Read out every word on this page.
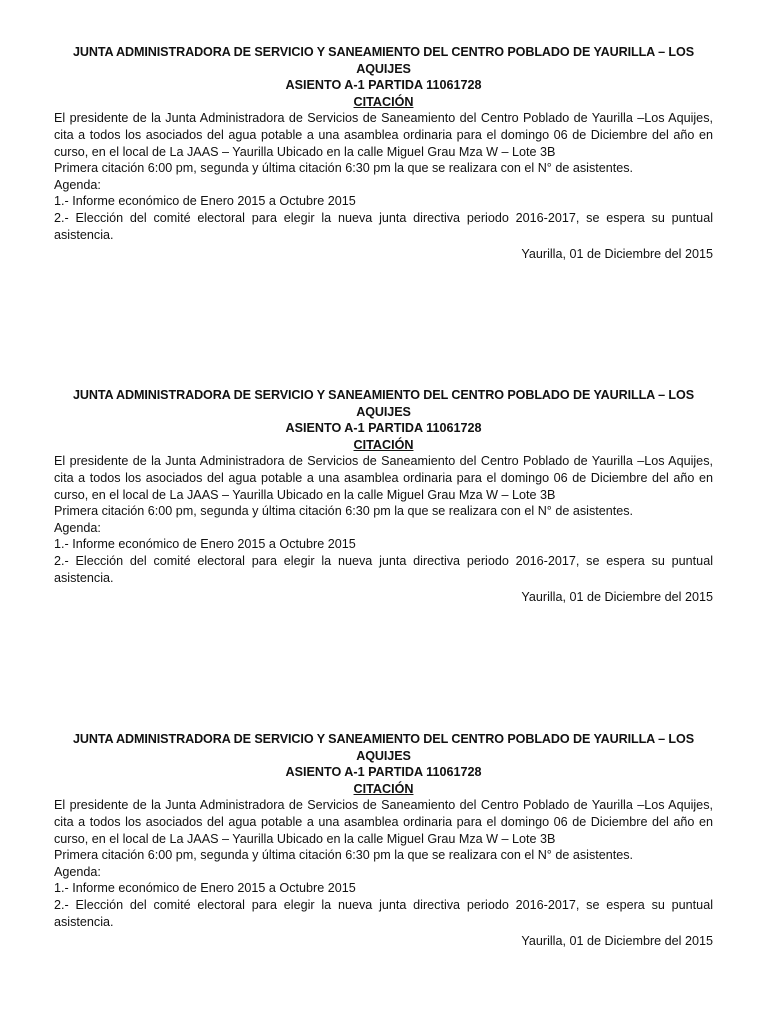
JUNTA ADMINISTRADORA DE SERVICIO Y SANEAMIENTO DEL CENTRO POBLADO DE YAURILLA – LOS AQUIJES

ASIENTO A-1 PARTIDA 11061728

CITACIÓN

El presidente de la Junta Administradora de Servicios de Saneamiento del Centro Poblado de Yaurilla –Los Aquijes, cita a todos los asociados del agua potable a una asamblea ordinaria para el domingo 06 de Diciembre del año en curso, en el local de La JAAS – Yaurilla Ubicado en la calle Miguel Grau Mza W – Lote 3B

Primera citación 6:00 pm, segunda y última citación 6:30 pm la que se realizara con el N° de asistentes.

Agenda:

1.- Informe económico de Enero 2015 a Octubre 2015

2.- Elección del comité electoral para elegir la nueva junta directiva periodo 2016-2017, se espera su puntual asistencia.

Yaurilla, 01 de Diciembre del 2015

JUNTA ADMINISTRADORA DE SERVICIO Y SANEAMIENTO DEL CENTRO POBLADO DE YAURILLA – LOS AQUIJES

ASIENTO A-1 PARTIDA 11061728

CITACIÓN

El presidente de la Junta Administradora de Servicios de Saneamiento del Centro Poblado de Yaurilla –Los Aquijes, cita a todos los asociados del agua potable a una asamblea ordinaria para el domingo 06 de Diciembre del año en curso, en el local de La JAAS – Yaurilla Ubicado en la calle Miguel Grau Mza W – Lote 3B

Primera citación 6:00 pm, segunda y última citación 6:30 pm la que se realizara con el N° de asistentes.

Agenda:

1.- Informe económico de Enero 2015 a Octubre 2015

2.- Elección del comité electoral para elegir la nueva junta directiva periodo 2016-2017, se espera su puntual asistencia.

Yaurilla, 01 de Diciembre del 2015

JUNTA ADMINISTRADORA DE SERVICIO Y SANEAMIENTO DEL CENTRO POBLADO DE YAURILLA – LOS AQUIJES

ASIENTO A-1 PARTIDA 11061728

CITACIÓN

El presidente de la Junta Administradora de Servicios de Saneamiento del Centro Poblado de Yaurilla –Los Aquijes, cita a todos los asociados del agua potable a una asamblea ordinaria para el domingo 06 de Diciembre del año en curso, en el local de La JAAS – Yaurilla Ubicado en la calle Miguel Grau Mza W – Lote 3B

Primera citación 6:00 pm, segunda y última citación 6:30 pm la que se realizara con el N° de asistentes.

Agenda:

1.- Informe económico de Enero 2015 a Octubre 2015

2.- Elección del comité electoral para elegir la nueva junta directiva periodo 2016-2017, se espera su puntual asistencia.

Yaurilla, 01 de Diciembre del 2015
